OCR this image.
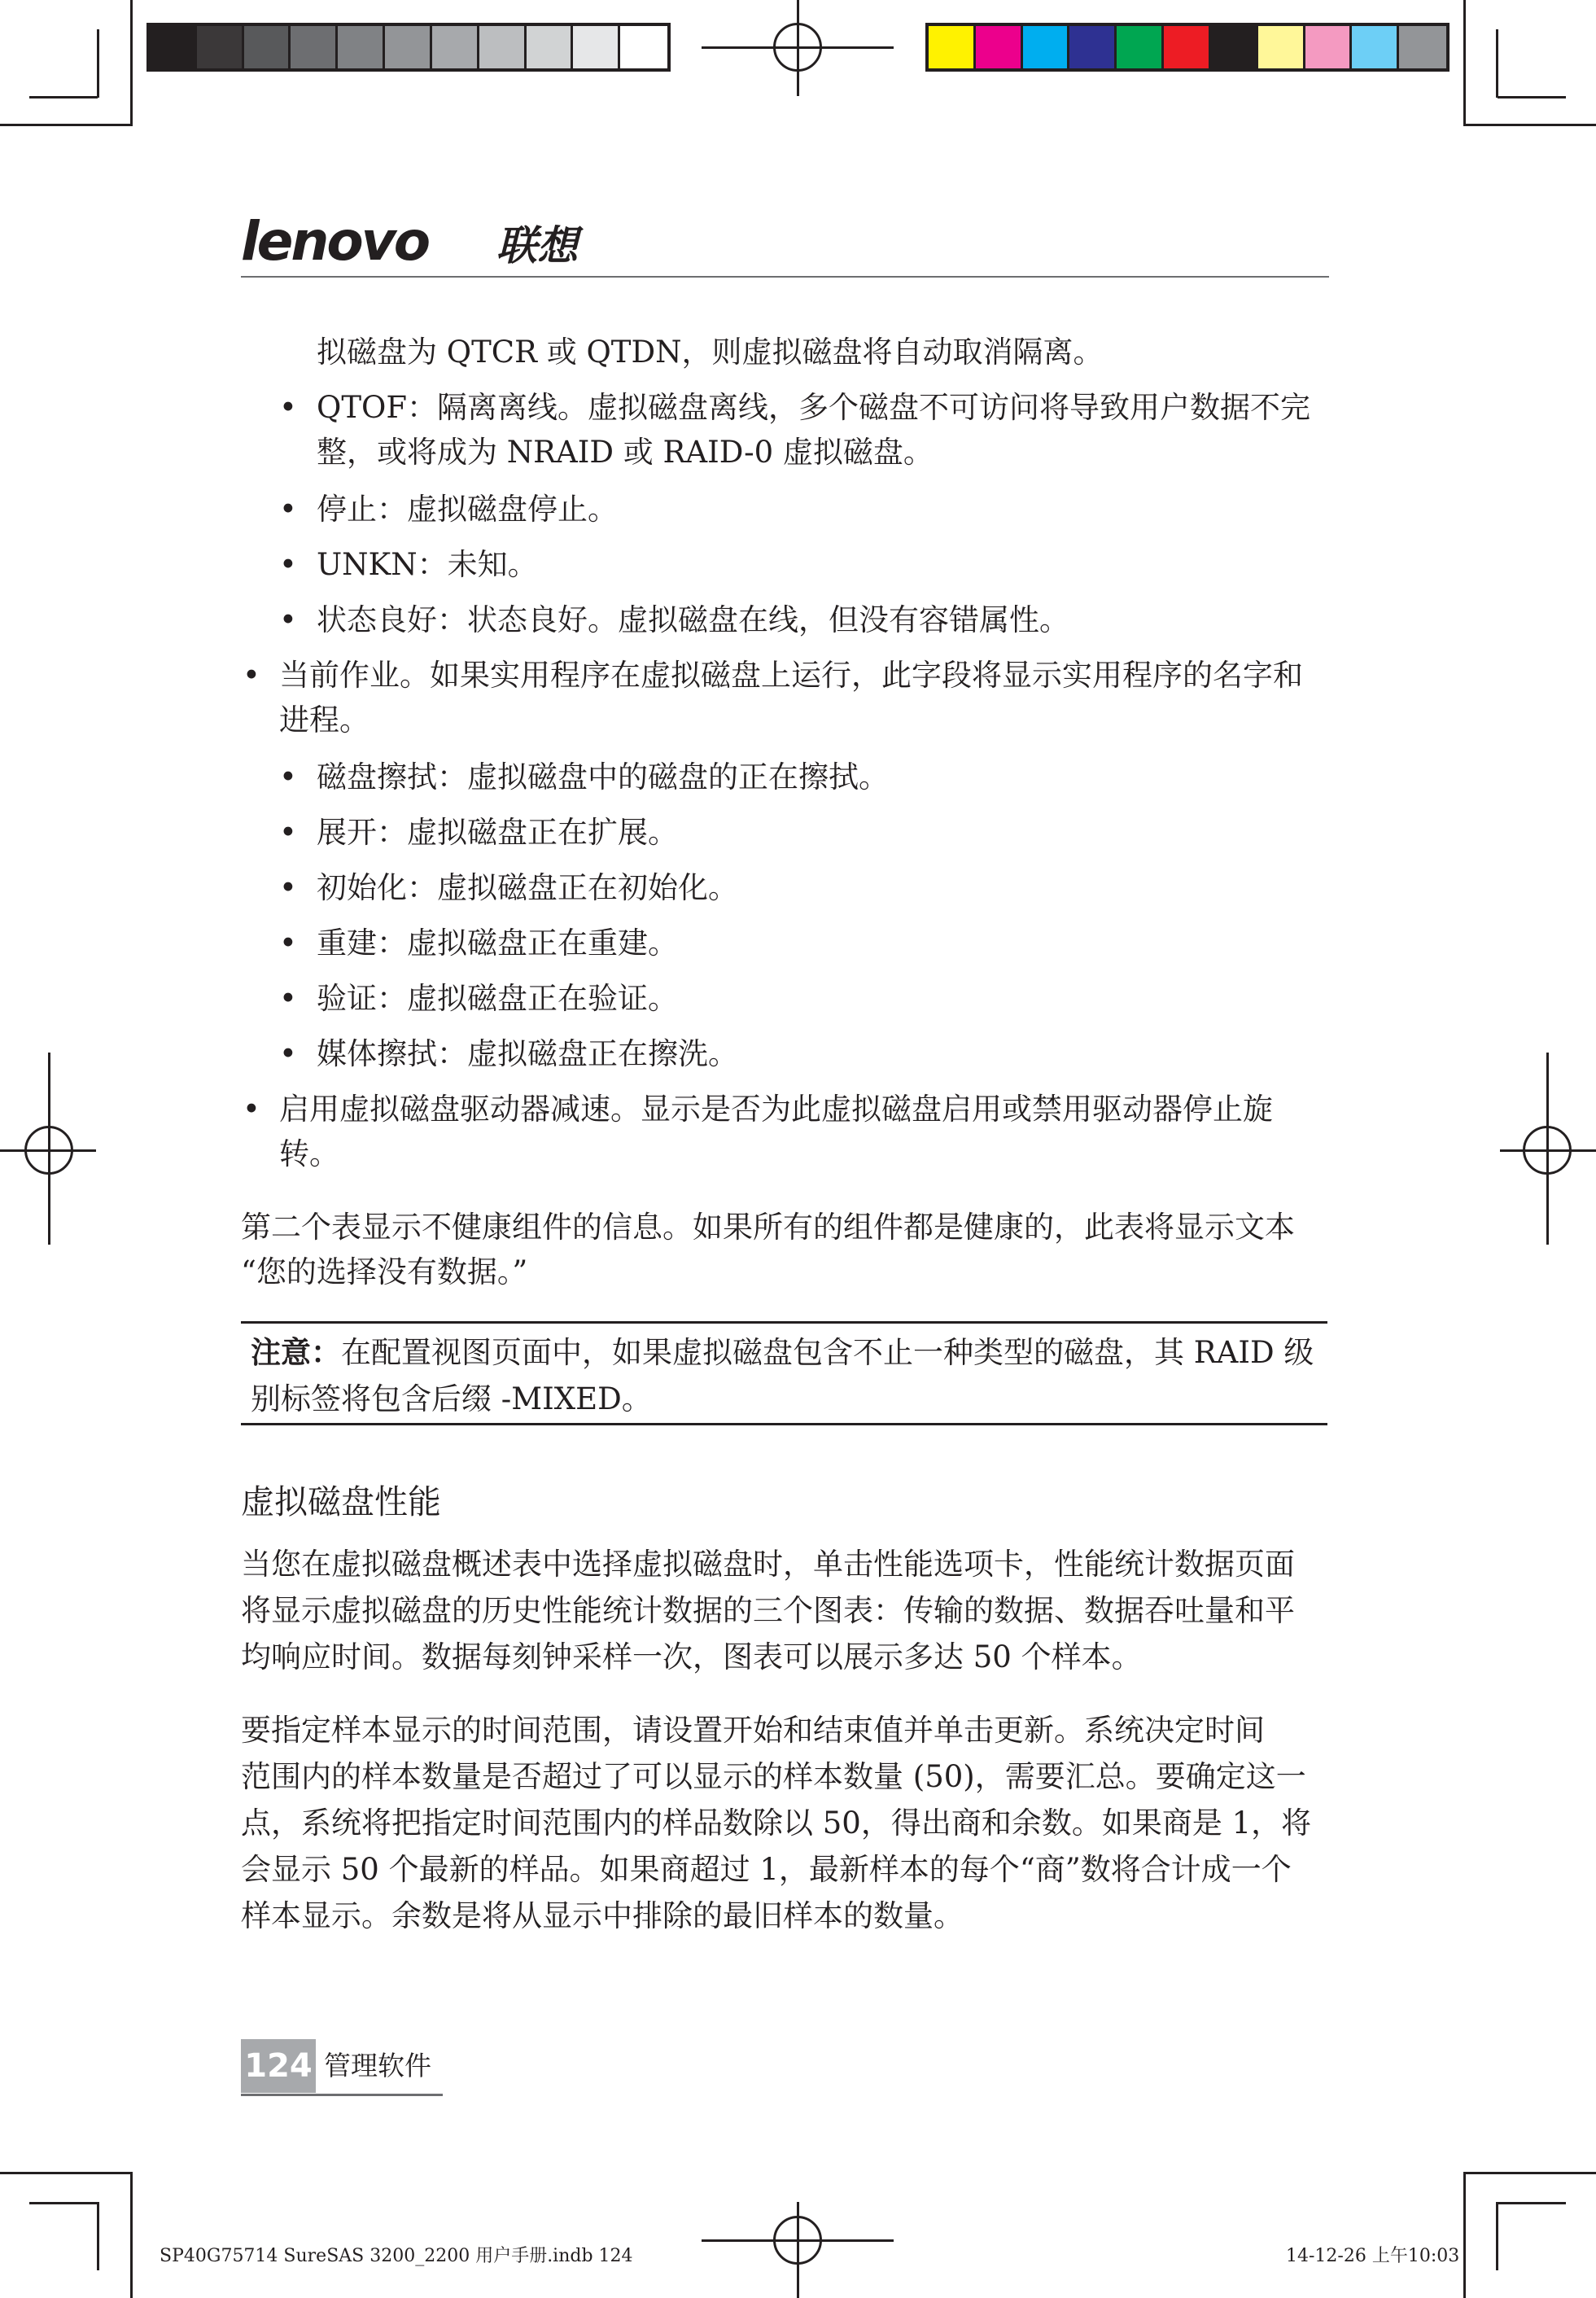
lenovo 联想
拟磁盘为 QTCR 或 QTDN，则虚拟磁盘将自动取消隔离。
• QTOF：隔离离线。虚拟磁盘离线，多个磁盘不可访问将导致用户数据不完
整，或将成为 NRAID 或 RAID-0 虚拟磁盘。
• 停止：虚拟磁盘停止。
• UNKN：未知。
• 状态良好：状态良好。虚拟磁盘在线，但没有容错属性。
• 当前作业。如果实用程序在虚拟磁盘上运行，此字段将显示实用程序的名字和
进程。
• 磁盘擦拭：虚拟磁盘中的磁盘的正在擦拭。
• 展开：虚拟磁盘正在扩展。
• 初始化：虚拟磁盘正在初始化。
• 重建：虚拟磁盘正在重建。
• 验证：虚拟磁盘正在验证。
• 媒体擦拭：虚拟磁盘正在擦洗。
• 启用虚拟磁盘驱动器减速。显示是否为此虚拟磁盘启用或禁用驱动器停止旋
转。
第二个表显示不健康组件的信息。如果所有的组件都是健康的，此表将显示文本
“您的选择没有数据。”
注意：在配置视图页面中，如果虚拟磁盘包含不止一种类型的磁盘，其 RAID 级
别标签将包含后缀 -MIXED。
虚拟磁盘性能
当您在虚拟磁盘概述表中选择虚拟磁盘时，单击性能选项卡，性能统计数据页面
将显示虚拟磁盘的历史性能统计数据的三个图表：传输的数据、数据吞吐量和平
均响应时间。数据每刻钟采样一次，图表可以展示多达 50 个样本。
要指定样本显示的时间范围，请设置开始和结束值并单击更新。系统决定时间
范围内的样本数量是否超过了可以显示的样本数量 (50)，需要汇总。要确定这一
点，系统将把指定时间范围内的样品数除以 50，得出商和余数。如果商是 1，将
会显示 50 个最新的样品。如果商超过 1，最新样本的每个“商”数将合计成一个
样本显示。余数是将从显示中排除的最旧样本的数量。
124 管理软件
SP40G75714 SureSAS 3200_2200 用户手册.indb 124	14-12-26 上午10:03
